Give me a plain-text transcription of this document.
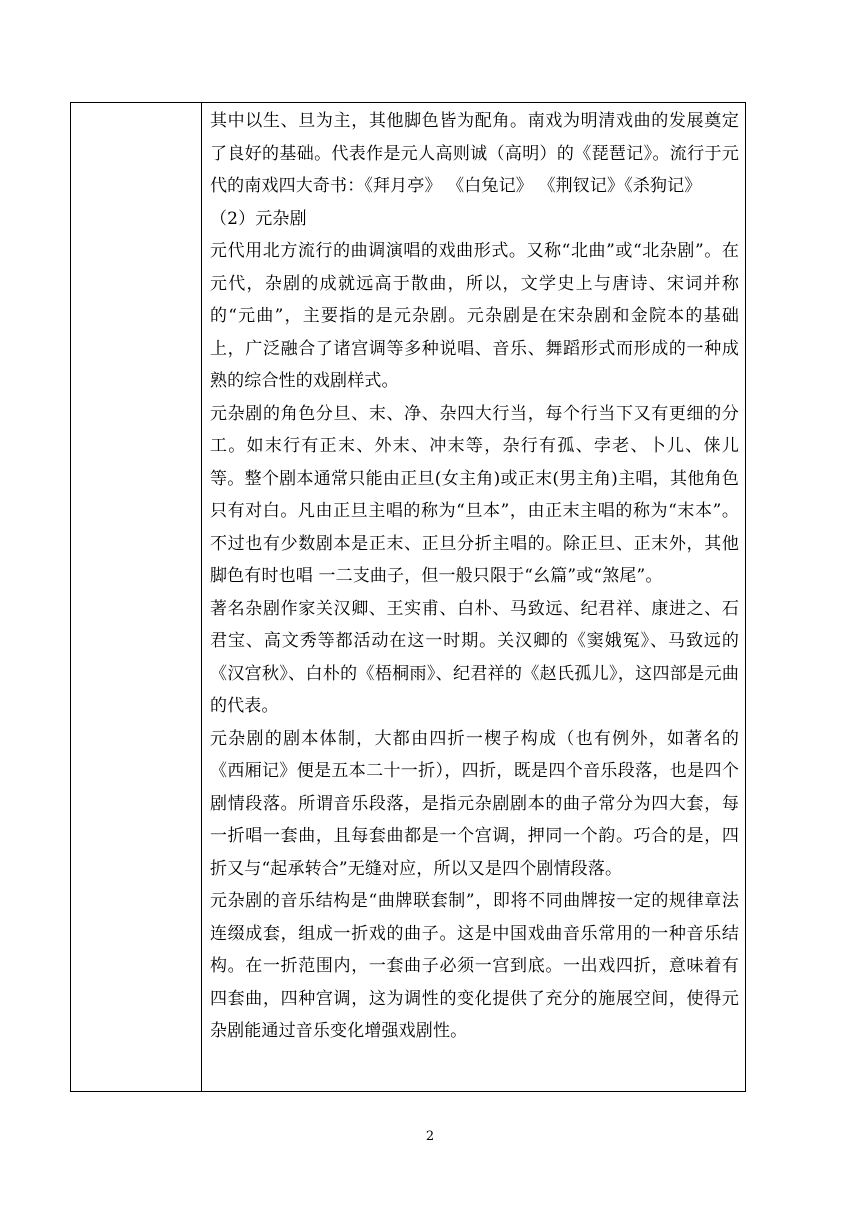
其中以生、旦为主，其他脚色皆为配角。南戏为明清戏曲的发展奠定了良好的基础。代表作是元人高则诚（高明）的《琵琶记》。流行于元代的南戏四大奇书：《拜月亭》 《白兔记》 《荆钗记》《杀狗记》

（2）元杂剧

元代用北方流行的曲调演唱的戏曲形式。又称“北曲”或“北杂剧”。在元代，杂剧的成就远高于散曲，所以，文学史上与唐诗、宋词并称的“元曲”，主要指的是元杂剧。元杂剧是在宋杂剧和金院本的基础上，广泛融合了诸宫调等多种说唱、音乐、舞蹈形式而形成的一种成熟的综合性的戏剧样式。

元杂剧的角色分旦、末、净、杂四大行当，每个行当下又有更细的分工。如末行有正末、外末、冲末等，杂行有孤、孛老、卜儿、俫儿等。整个剧本通常只能由正旦(女主角)或正末(男主角)主唱，其他角色只有对白。凡由正旦主唱的称为“旦本”，由正末主唱的称为“末本”。不过也有少数剧本是正末、正旦分折主唱的。除正旦、正末外，其他脚色有时也唱 一二支曲子，但一般只限于“幺篇”或“煞尾”。

著名杂剧作家关汉卿、王实甫、白朴、马致远、纪君祥、康进之、石君宝、高文秀等都活动在这一时期。关汉卿的《窦娥冤》、马致远的《汉宫秋》、白朴的《梧桐雨》、纪君祥的《赵氏孤儿》，这四部是元曲的代表。

元杂剧的剧本体制，大都由四折一楔子构成（也有例外，如著名的《西厢记》便是五本二十一折），四折，既是四个音乐段落，也是四个剧情段落。所谓音乐段落，是指元杂剧剧本的曲子常分为四大套，每一折唱一套曲，且每套曲都是一个宫调，押同一个韵。巧合的是，四折又与“起承转合”无缝对应，所以又是四个剧情段落。

元杂剧的音乐结构是“曲牌联套制”，即将不同曲牌按一定的规律章法连缀成套，组成一折戏的曲子。这是中国戏曲音乐常用的一种音乐结构。在一折范围内，一套曲子必须一宫到底。一出戏四折，意味着有四套曲，四种宫调，这为调性的变化提供了充分的施展空间，使得元杂剧能通过音乐变化增强戏剧性。

2
